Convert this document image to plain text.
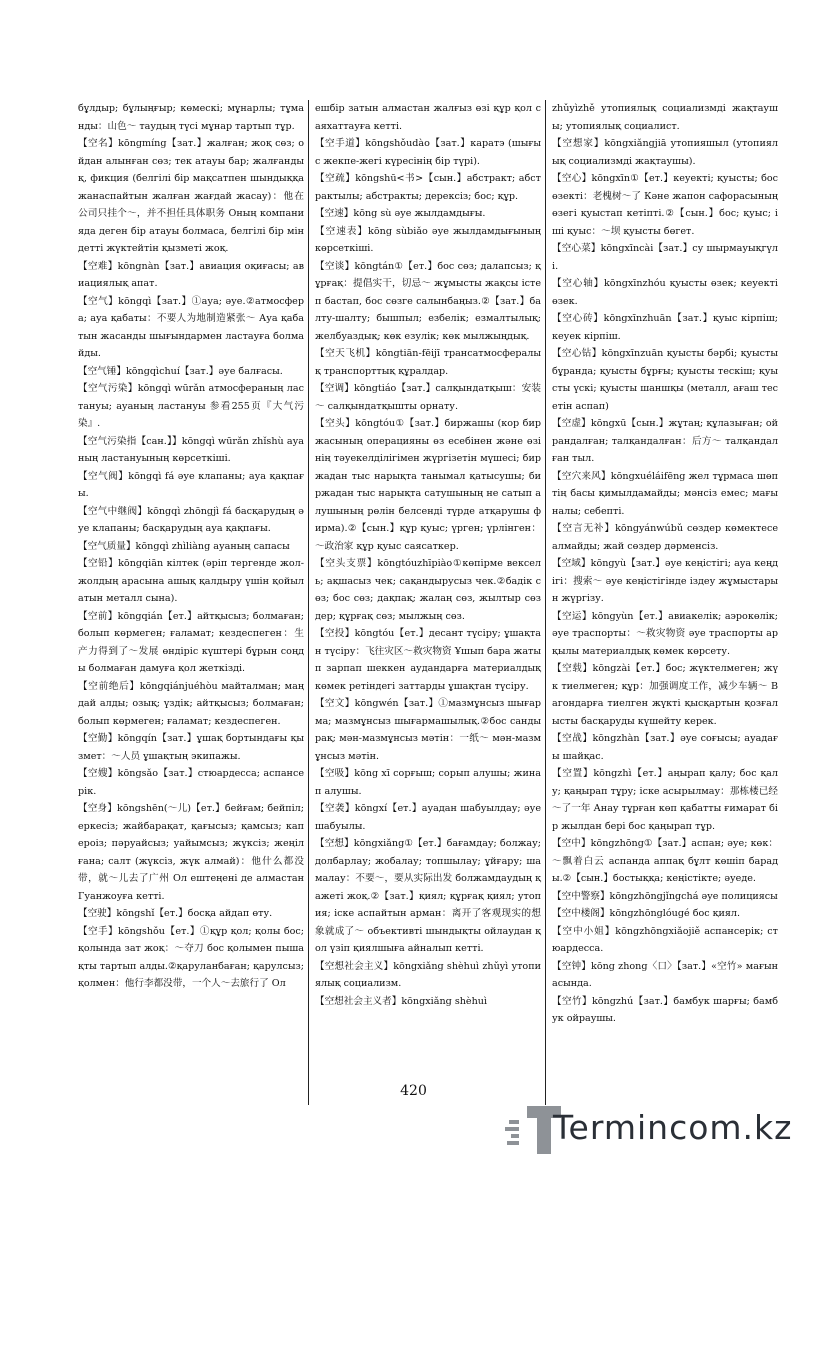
бұлдыр; бұлыңғыр; көмескі; мұнарлы; тұманды：山色～ таудың түсі мұнар тартып тұр.

【空名】kōngmíng【зат.】жалған; жоқ сөз; ойдан алынған сөз; тек атауы бар; жалғандық, фикция (белгілі бір мақсатпен шындыққа жанаспайтын жалған жағдай жасау)：他在公司只挂个～，并不担任具体职务 Оның компанияда деген бір атауы болмаса, белгілі бір міндетті жүктейтін қызметі жоқ.

【空难】kōngnàn【зат.】авиация оқиғасы; авиациялық апат.

【空气】kōngqì【зат.】①ауа; әуе.②атмосфера; ауа қабаты：不要人为地制造紧张～ Ауа қабатын жасанды шығындармен ластауға болмайды.

【空气锤】kōngqìchuí【зат.】әуе балғасы.

【空气污染】kōngqì wūrǎn атмосфераның ластануы; ауаның ластануы 参看255页『大气污染』.

【空气污染指【сан.】】kōngqì wūrǎn zhǐshù ауаның ластануының көрсеткіші.

【空气阀】kōngqì fá әуе клапаны; ауа қақпағы.

【空气中继阀】kōngqì zhōngjì fá басқарудың әуе клапаны; басқарудың ауа қақпағы.

【空气质量】kōngqì zhìliàng ауаның сапасы

【空铅】kōngqiān кілтек (әріп тергенде жол-жолдың арасына ашық қалдыру үшін қойылатын металл сына).

【空前】kōngqián【ет.】айтқысыз; болмаған; болып көрмеген; ғаламат; кездеспеген：生产力得到了～发展 өндіріс күштері бұрын соңды болмаған дамуға қол жеткізді.

【空前绝后】kōngqiánjuéhòu майталман; маңдай алды; озық; үздік; айтқысыз; болмаған; болып көрмеген; ғаламат; кездеспеген.

【空勤】kōngqín【зат.】ұшақ бортындағы қызмет：～人员 ұшақтың экипажы.

【空嫂】kōngsǎo【зат.】стюардесса; аспансерік.

【空身】kōngshēn(～儿)【ет.】бейғам; бейпіл; еркесіз; жайбарақат, қағысыз; қамсыз; капероіз; пәруайсыз; уайымсыз; жүксіз; жеңіл ғана; салт (жүксіз, жүк алмай)：他什么都没带，就～儿去了广州 Ол ештеңені де алмастан Гуанжоуға кетті.

【空驶】kōngshǐ【ет.】босқа айдап өту.

【空手】kōngshǒu【ет.】①құр қол; қолы бос; қолында зат жоқ：～夺刀 бос қолымен пышақты тартып алды.②қаруланбаған; қарулсыз; қолмен：他行李都没带，一个人～去旅行了 Ол

ешбір затын алмастан жалғыз өзі құр қол саяхаттауға кетті.

【空手道】kōngshǒudào【зат.】каратэ (шығыс жекпе-жегі күресінің бір түрі).

【空疏】kōngshū<书>【сын.】абстракт; абстрактылы; абстракты; дерексіз; бос; құр.

【空速】kōng sù әуе жылдамдығы.

【空速表】kōng sùbiǎo әуе жылдамдығының көрсеткіші.

【空谈】kōngtán①【ет.】бос сөз; далапсыз; құрғақ：提倡实干，切忌～ жұмысты жақсы істеп бастап, бос сөзге салынбаңыз.②【зат.】балту-шалту; бышпыл; езбелік; езмалтылық; желбуаздық; көк езулік; көк мылжыңдық.

【空天飞机】kōngtiān-fēijī трансатмосфералық транспорттық құралдар.

【空调】kōngtiáo【зат.】салқындатқыш：安装～ салқындатқышты орнату.

【空头】kōngtóu①【зат.】биржашы (кор биржасының операцияны өз есебінен және өзінің тәуекелділігімен жүргізетін мүшесі; биржадан тыс нарықта танымал қатысушы; биржадан тыс нарықта сатушының не сатып алушының рөлін белсенді түрде атқарушы фирма).②【сын.】құр қуыс; үрген; үрлінген：～政治家 құр қуыс саясаткер.

【空头支票】kōngtóuzhīpiào①көпірме вексель; ақшасыз чек; сақандырусыз чек.②бадік сөз; бос сөз; дақпақ; жалаң сөз, жылтыр сөздер; құрғақ сөз; мылжың сөз.

【空投】kōngtóu【ет.】десант түсіру; ұшақтан түсіру：飞往灾区～救灾物资 Ұшып бара жатып зарпап шеккен аудандарға материалдық көмек ретіндегі заттарды ұшақтан түсіру.

【空文】kōngwén【зат.】①мазмұнсыз шығарма; мазмұнсыз шығармашылық.②бос сандырақ; мән-мазмұнсыз мәтін：一纸～ мән-мазмұнсыз мәтін.

【空吸】kōng xī сорғыш; сорып алушы; жинап алушы.

【空袭】kōngxí【ет.】ауадан шабуылдау; әуе шабуылы.

【空想】kōngxiǎng①【ет.】бағамдау; болжау; долбарлау; жобалау; топшылау; ұйғару; шамалау：不要～，要从实际出发 болжамдаудың қажеті жоқ.②【зат.】қиял; құрғақ қиял; утопия; іске аспайтын арман：离开了客观现实的想象就成了～ объективті шындықты ойлаудан қол үзіп қиялшыға айналып кетті.

【空想社会主义】kōngxiǎng shèhuì zhǔyì утопиялық социализм.

【空想社会主义者】kōngxiǎng shèhuì

zhǔyìzhě утопиялық социализмді жақтаушы; утопиялық социалист.

【空想家】kōngxiǎngjiā утопияшыл (утопиялық социализмді жақтаушы).

【空心】kōngxīn①【ет.】кеуекті; қуысты; бос өзекті：老槐树～了 Кәне жапон сафорасының өзегі қуыстап кетіпті.②【сын.】бос; қуыс; іші қуыс：～坝 қуысты бөгет.

【空心菜】kōngxīncài【зат.】су шырмауықгүлі.

【空心轴】kōngxīnzhóu қуысты өзек; кеуекті өзек.

【空心砖】kōngxīnzhuān【зат.】қуыс кірпіш; кеуек кірпіш.

【空心钻】kōngxīnzuān қуысты бәрбі; қуысты бұранда; қуысты бұрғы; қуысты тескіш; қуысты үскі; қуысты шаншқы (металл, ағаш тесетін аспап)

【空虚】kōngxū【сын.】жұтаң; құлазыған; ойрандалған; талқандалған：后方～ талқандалған тыл.

【空穴来风】kōngxuéláifēng жел тұрмаса шөптің басы қимылдамайды; мәнсіз емес; мағыналы; себепті.

【空言无补】kōngyánwúbǔ сөздер көмектесе алмайды; жай сөздер дәрменсіз.

【空域】kōngyù【зат.】әуе кеңістігі; ауа кеңдігі：搜索～ әуе кеңістігінде іздеу жұмыстарын жүргізу.

【空运】kōngyùn【ет.】авиакелік; аэрокөлік; әуе траспорты：～救灾物资 әуе траспорты арқылы материалдық көмек көрсету.

【空载】kōngzài【ет.】бос; жүктелмеген; жүк тиелмеген; құр：加强调度工作，减少车辆～ Вагондарға тиелген жүкті қысқартын қозғалысты басқаруды күшейту керек.

【空战】kōngzhàn【зат.】әуе соғысы; ауадағы шайқас.

【空置】kōngzhì【ет.】аңырап қалу; бос қалу; қаңырап тұру; іске асырылмау：那栋楼已经～了一年 Анау тұрған көп қабатты ғимарат бір жылдан бері бос қаңырап тұр.

【空中】kōngzhōng①【зат.】аспан; әуе; көк：～飘着白云 аспанда аппақ бұлт көшіп барады.②【сын.】бостыққа; кеңістікте; әуеде.

【空中警察】kōngzhōngjǐngchá әуе полициясы

【空中楼阁】kōngzhōnglóugé бос қиял.

【空中小姐】kōngzhōngxiǎojiě аспансерік; стюардесса.

【空钟】kōng zhong〈口〉【зат.】«空竹» мағынасында.

【空竹】kōngzhú【зат.】бамбук шарғы; бамбук ойраушы.

420
Termincom.kz
